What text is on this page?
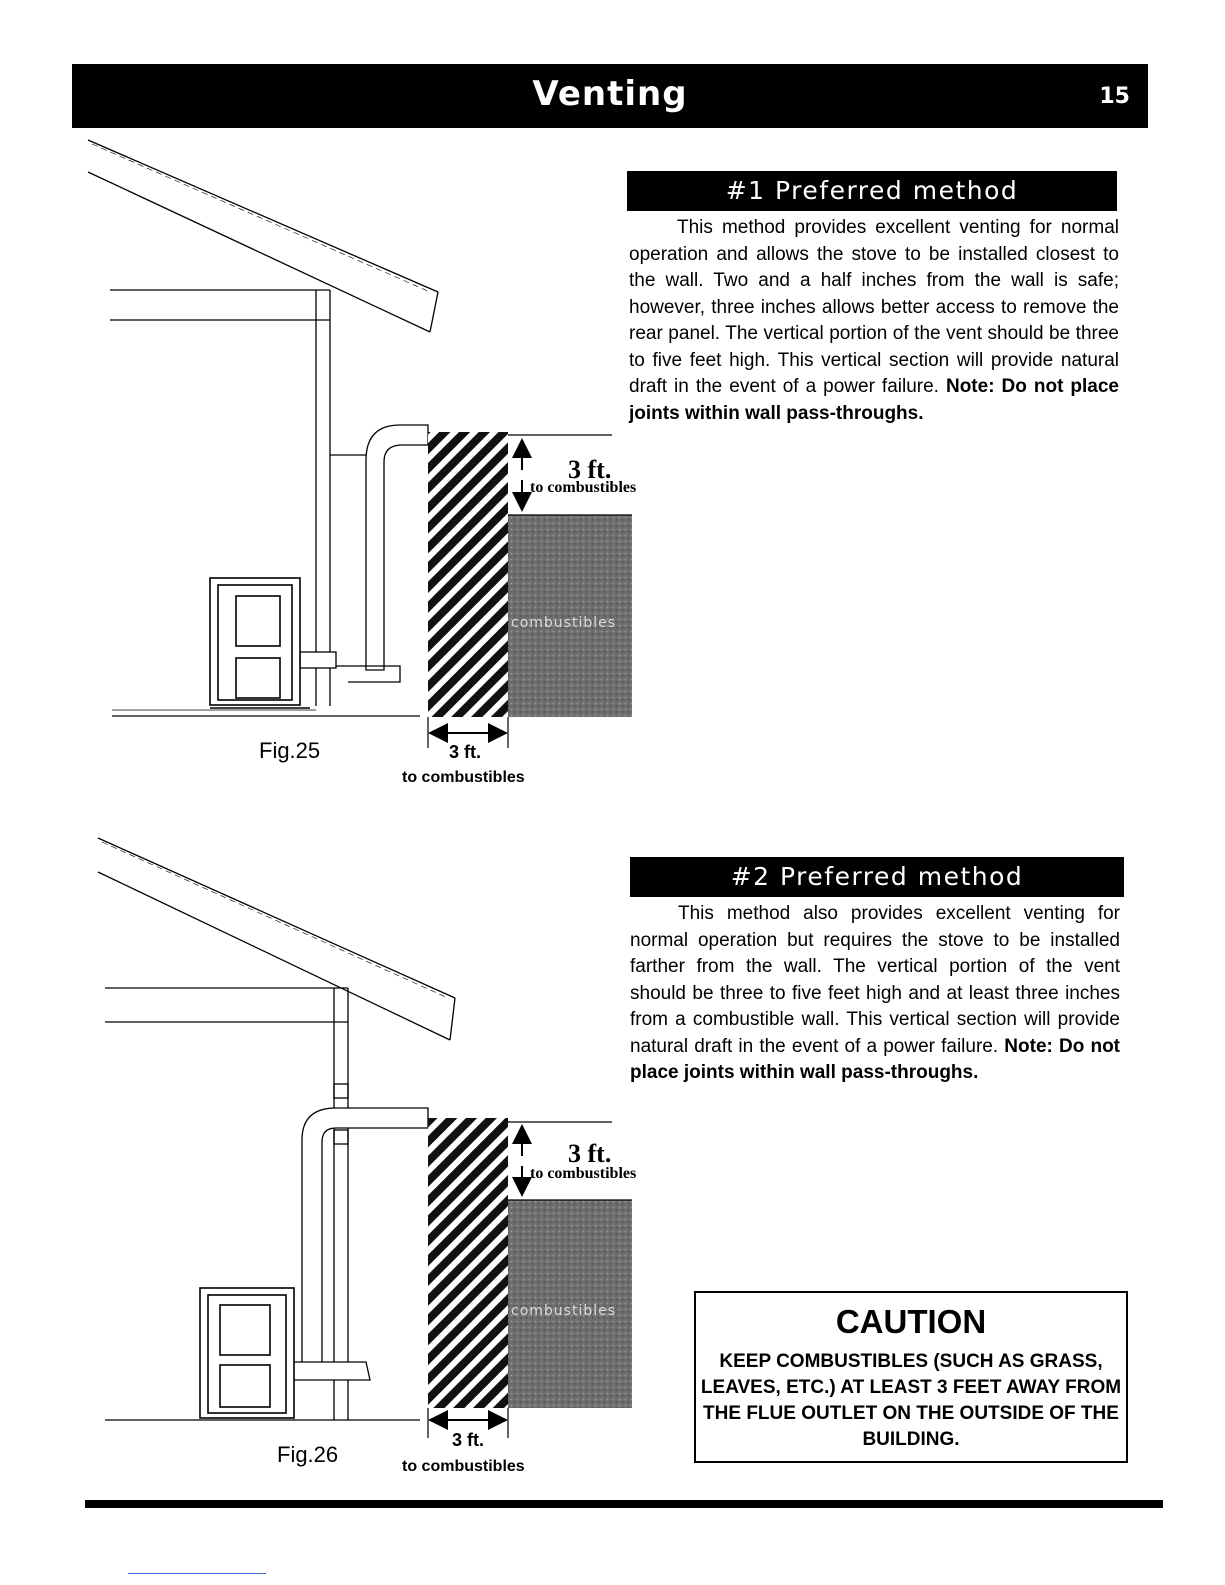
Venting	15
3 ft.
to combustibles
combustibles
3 ft.
to combustibles
Fig.25
3 ft.
to combustibles
combustibles
3 ft.
to combustibles
Fig.26
#1 Preferred method
This method provides excellent venting for normal operation and allows the stove to be installed closest to the wall. Two and a half inches from the wall is safe; however, three inches allows better access to remove the rear panel. The vertical portion of the vent should be three to five feet high. This vertical section will provide natural draft in the event of a power failure. Note: Do not place joints within wall pass-throughs.
#2 Preferred method
This method also provides excellent venting for normal operation but requires the stove to be installed farther from the wall. The vertical portion of the vent should be three to five feet high and at least three inches from a combustible wall. This vertical section will provide natural draft in the event of a power failure. Note: Do not place joints within wall pass-throughs.
CAUTION
KEEP COMBUSTIBLES (SUCH AS GRASS, LEAVES, ETC.) AT LEAST 3 FEET AWAY FROM THE FLUE OUTLET ON THE OUTSIDE OF THE BUILDING.
